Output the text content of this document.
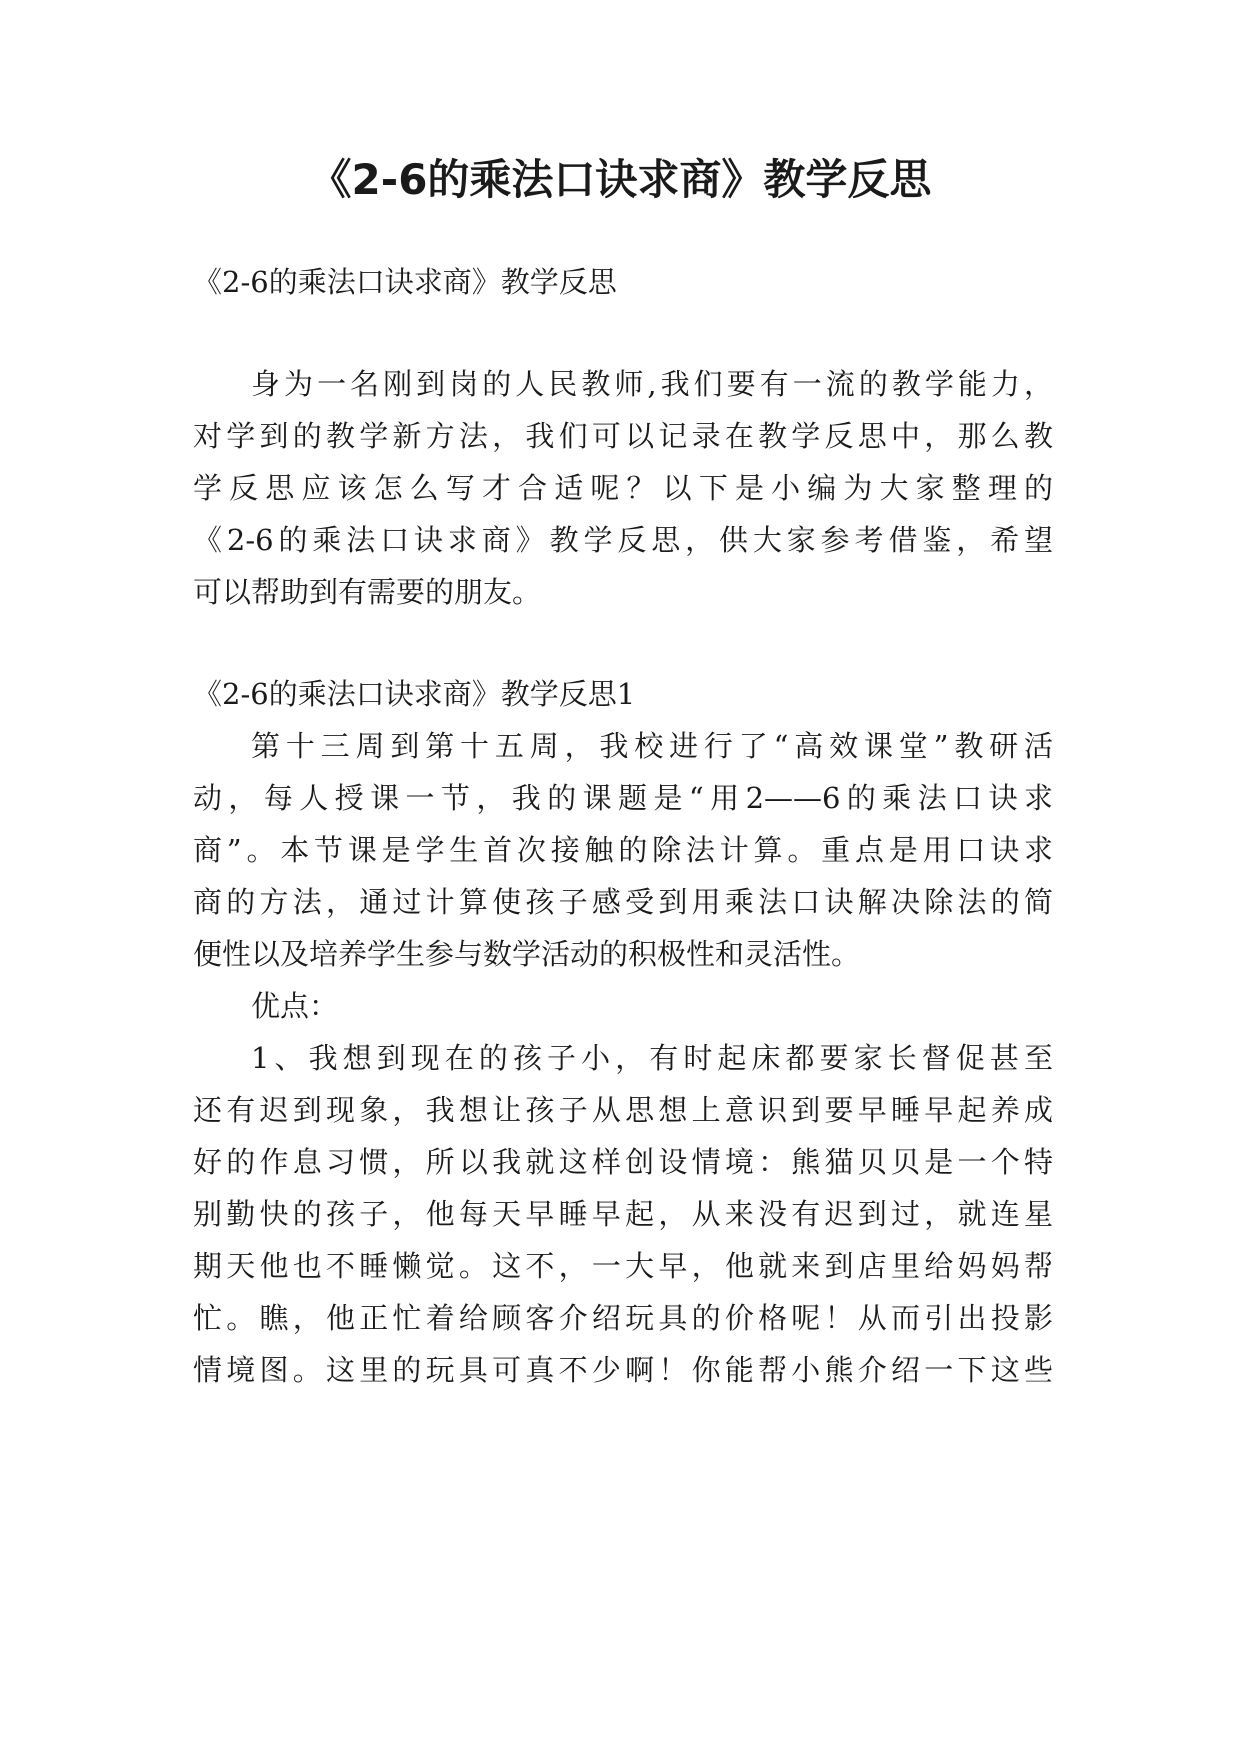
《2-6的乘法口诀求商》教学反思

《2-6的乘法口诀求商》教学反思

身为一名刚到岗的人民教师,我们要有一流的教学能力，

对学到的教学新方法，我们可以记录在教学反思中，那么教

学反思应该怎么写才合适呢？以下是小编为大家整理的

《2-6的乘法口诀求商》教学反思，供大家参考借鉴，希望

可以帮助到有需要的朋友。

《2-6的乘法口诀求商》教学反思1

第十三周到第十五周，我校进行了“高效课堂”教研活

动，每人授课一节，我的课题是“用2——6的乘法口诀求

商”。本节课是学生首次接触的除法计算。重点是用口诀求

商的方法，通过计算使孩子感受到用乘法口诀解决除法的简

便性以及培养学生参与数学活动的积极性和灵活性。

优点：

1、我想到现在的孩子小，有时起床都要家长督促甚至

还有迟到现象，我想让孩子从思想上意识到要早睡早起养成

好的作息习惯，所以我就这样创设情境：熊猫贝贝是一个特

别勤快的孩子，他每天早睡早起，从来没有迟到过，就连星

期天他也不睡懒觉。这不，一大早，他就来到店里给妈妈帮

忙。瞧，他正忙着给顾客介绍玩具的价格呢！从而引出投影

情境图。这里的玩具可真不少啊！你能帮小熊介绍一下这些
